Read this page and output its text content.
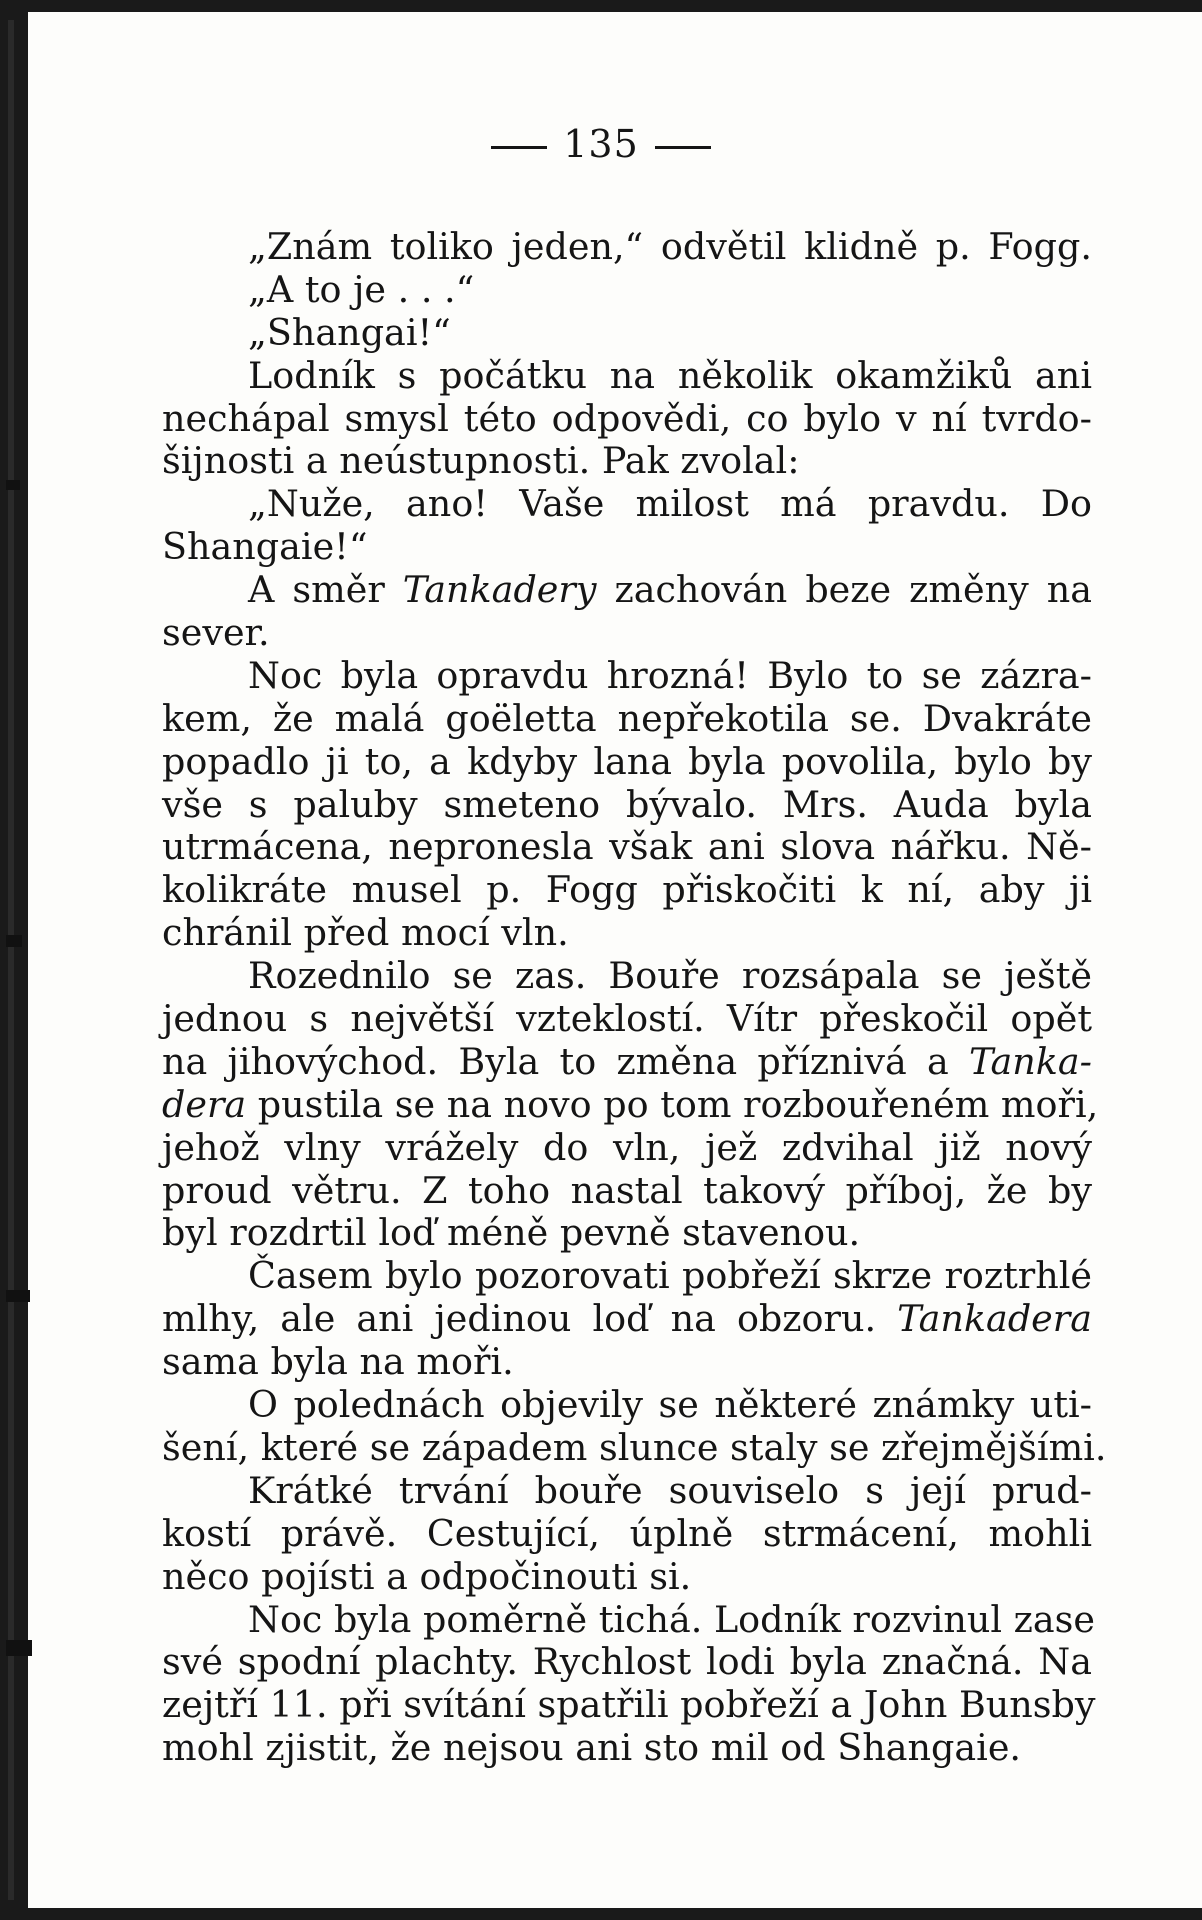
135
„Znám toliko jeden,“ odvětil klidně p. Fogg.
„A to je . . .“
„Shangai!“
Lodník s počátku na několik okamžiků ani
nechápal smysl této odpovědi, co bylo v ní tvrdo-
šijnosti a neústupnosti. Pak zvolal:
„Nuže, ano! Vaše milost má pravdu. Do
Shangaie!“
A směr Tankadery zachován beze změny na
sever.
Noc byla opravdu hrozná! Bylo to se zázra-
kem, že malá goëletta nepřekotila se. Dvakráte
popadlo ji to, a kdyby lana byla povolila, bylo by
vše s paluby smeteno bývalo. Mrs. Auda byla
utrmácena, nepronesla však ani slova nářku. Ně-
kolikráte musel p. Fogg přiskočiti k ní, aby ji
chránil před mocí vln.
Rozednilo se zas. Bouře rozsápala se ještě
jednou s největší vzteklostí. Vítr přeskočil opět
na jihovýchod. Byla to změna příznivá a Tanka-
dera pustila se na novo po tom rozbouřeném moři,
jehož vlny vrážely do vln, jež zdvihal již nový
proud větru. Z toho nastal takový příboj, že by
byl rozdrtil loď méně pevně stavenou.
Časem bylo pozorovati pobřeží skrze roztrhlé
mlhy, ale ani jedinou loď na obzoru. Tankadera
sama byla na moři.
O polednách objevily se některé známky uti-
šení, které se západem slunce staly se zřejmějšími.
Krátké trvání bouře souviselo s její prud-
kostí právě. Cestující, úplně strmácení, mohli
něco pojísti a odpočinouti si.
Noc byla poměrně tichá. Lodník rozvinul zase
své spodní plachty. Rychlost lodi byla značná. Na
zejtří 11. při svítání spatřili pobřeží a John Bunsby
mohl zjistit, že nejsou ani sto mil od Shangaie.
